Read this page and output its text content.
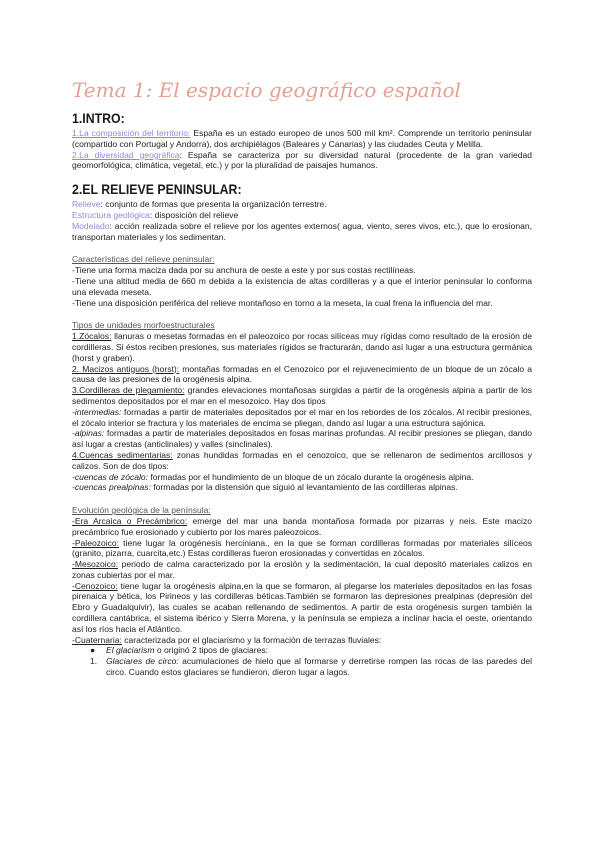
Tema 1: El espacio geográfico español
1.INTRO:

1.La composición del territorio: España es un estado europeo de unos 500 mil km². Comprende un territorio peninsular (compartido con Portugal y Andorra), dos archipiélagos (Baleares y Canarias) y las ciudades Ceuta y Melilla.

2.La diversidad geográfica: España se caracteriza por su diversidad natural (procedente de la gran variedad geomorfológica, climática, vegetal, etc.) y por la pluralidad de paisajes humanos.

2.EL RELIEVE PENINSULAR:

Relieve: conjunto de formas que presenta la organización terrestre.

Estructura geológica: disposición del relieve

Modelado: acción realizada sobre el relieve por los agentes externos( agua, viento, seres vivos, etc.), que lo erosionan, transportan materiales y los sedimentan.

Características del relieve peninsular:

-Tiene una forma maciza dada por su anchura de oeste a este y por sus costas rectilíneas.

-Tiene una altitud media de 660 m debida a la existencia de altas cordilleras y a que el interior peninsular lo conforma una elevada meseta.

-Tiene una disposición periférica del relieve montañoso en torno a la meseta, la cual frena la influencia del mar.

Tipos de unidades morfoestructurales

1.Zócalos: llanuras o mesetas formadas en el paleozoico por rocas silíceas muy rígidas como resultado de la erosión de cordilleras. Si éstos reciben presiones, sus materiales rígidos se fracturarán, dando así lugar a una estructura germánica (horst y graben).

2. Macizos antiguos (horst): montañas formadas en el Cenozoico por el rejuvenecimiento de un bloque de un zócalo a causa de las presiones de la orogénesis alpina.

3.Cordilleras de plegamiento: grandes elevaciones montañosas surgidas a partir de la orogénesis alpina a partir de los sedimentos depositados por el mar en el mesozoico. Hay dos tipos

-intermedias: formadas a partir de materiales depositados por el mar en los rebordes de los zócalos. Al recibir presiones, el zócalo interior se fractura y los materiales de encima se pliegan, dando así lugar a una estructura sajónica.

-alpinas: formadas a partir de materiales depositados en fosas marinas profundas. Al recibir presiones se pliegan, dando así lugar a crestas (anticlinales) y valles (sinclinales).

4.Cuencas sedimentarias: zonas hundidas formadas en el cenozoico, que se rellenaron de sedimentos arcillosos y calizos. Son de dos tipos:

-cuencas de zócalo: formadas por el hundimiento de un bloque de un zócalo durante la orogénesis alpina.

-cuencas prealpinas: formadas por la distensión que siguió al levantamiento de las cordilleras alpinas.

Evolución geológica de la península:

-Era Arcaica o Precámbrico: emerge del mar una banda montañosa formada por pizarras y neis. Este macizo precámbrico fue erosionado y cubierto por los mares paleozoicos.

-Paleozoico: tiene lugar la orogénesis herciniana., en la que se forman cordilleras formadas por materiales silíceos (granito, pizarra, cuarcita,etc.) Estas cordilleras fueron erosionadas y convertidas en zócalos.

-Mesozoico: periodo de calma caracterizado por la erosión y la sedimentación, la cual depositó materiales calizos en zonas cubiertas por el mar.

-Cenozoico: tiene lugar la orogénesis alpina,en la que se formaron, al plegarse los materiales depositados en las fosas pirenaica y bética, los Pirineos y las cordilleras béticas.También se formaron las depresiones prealpinas (depresión del Ebro y Guadalquivir), las cuales se acaban rellenando de sedimentos. A partir de esta orogénesis surgen también la cordillera cantábrica, el sistema ibérico y Sierra Morena, y la península se empieza a inclinar hacia el oeste, orientando así los ríos hacia el Atlántico.

-Cuaternaria: caracterizada por el glaciarismo y la formación de terrazas fluviales:

● El glaciarism o originó 2 tipos de glaciares:
1. Glaciares de circo: acumulaciones de hielo que al formarse y derretirse rompen las rocas de las paredes del circo. Cuando estos glaciares se fundieron, dieron lugar a lagos.
